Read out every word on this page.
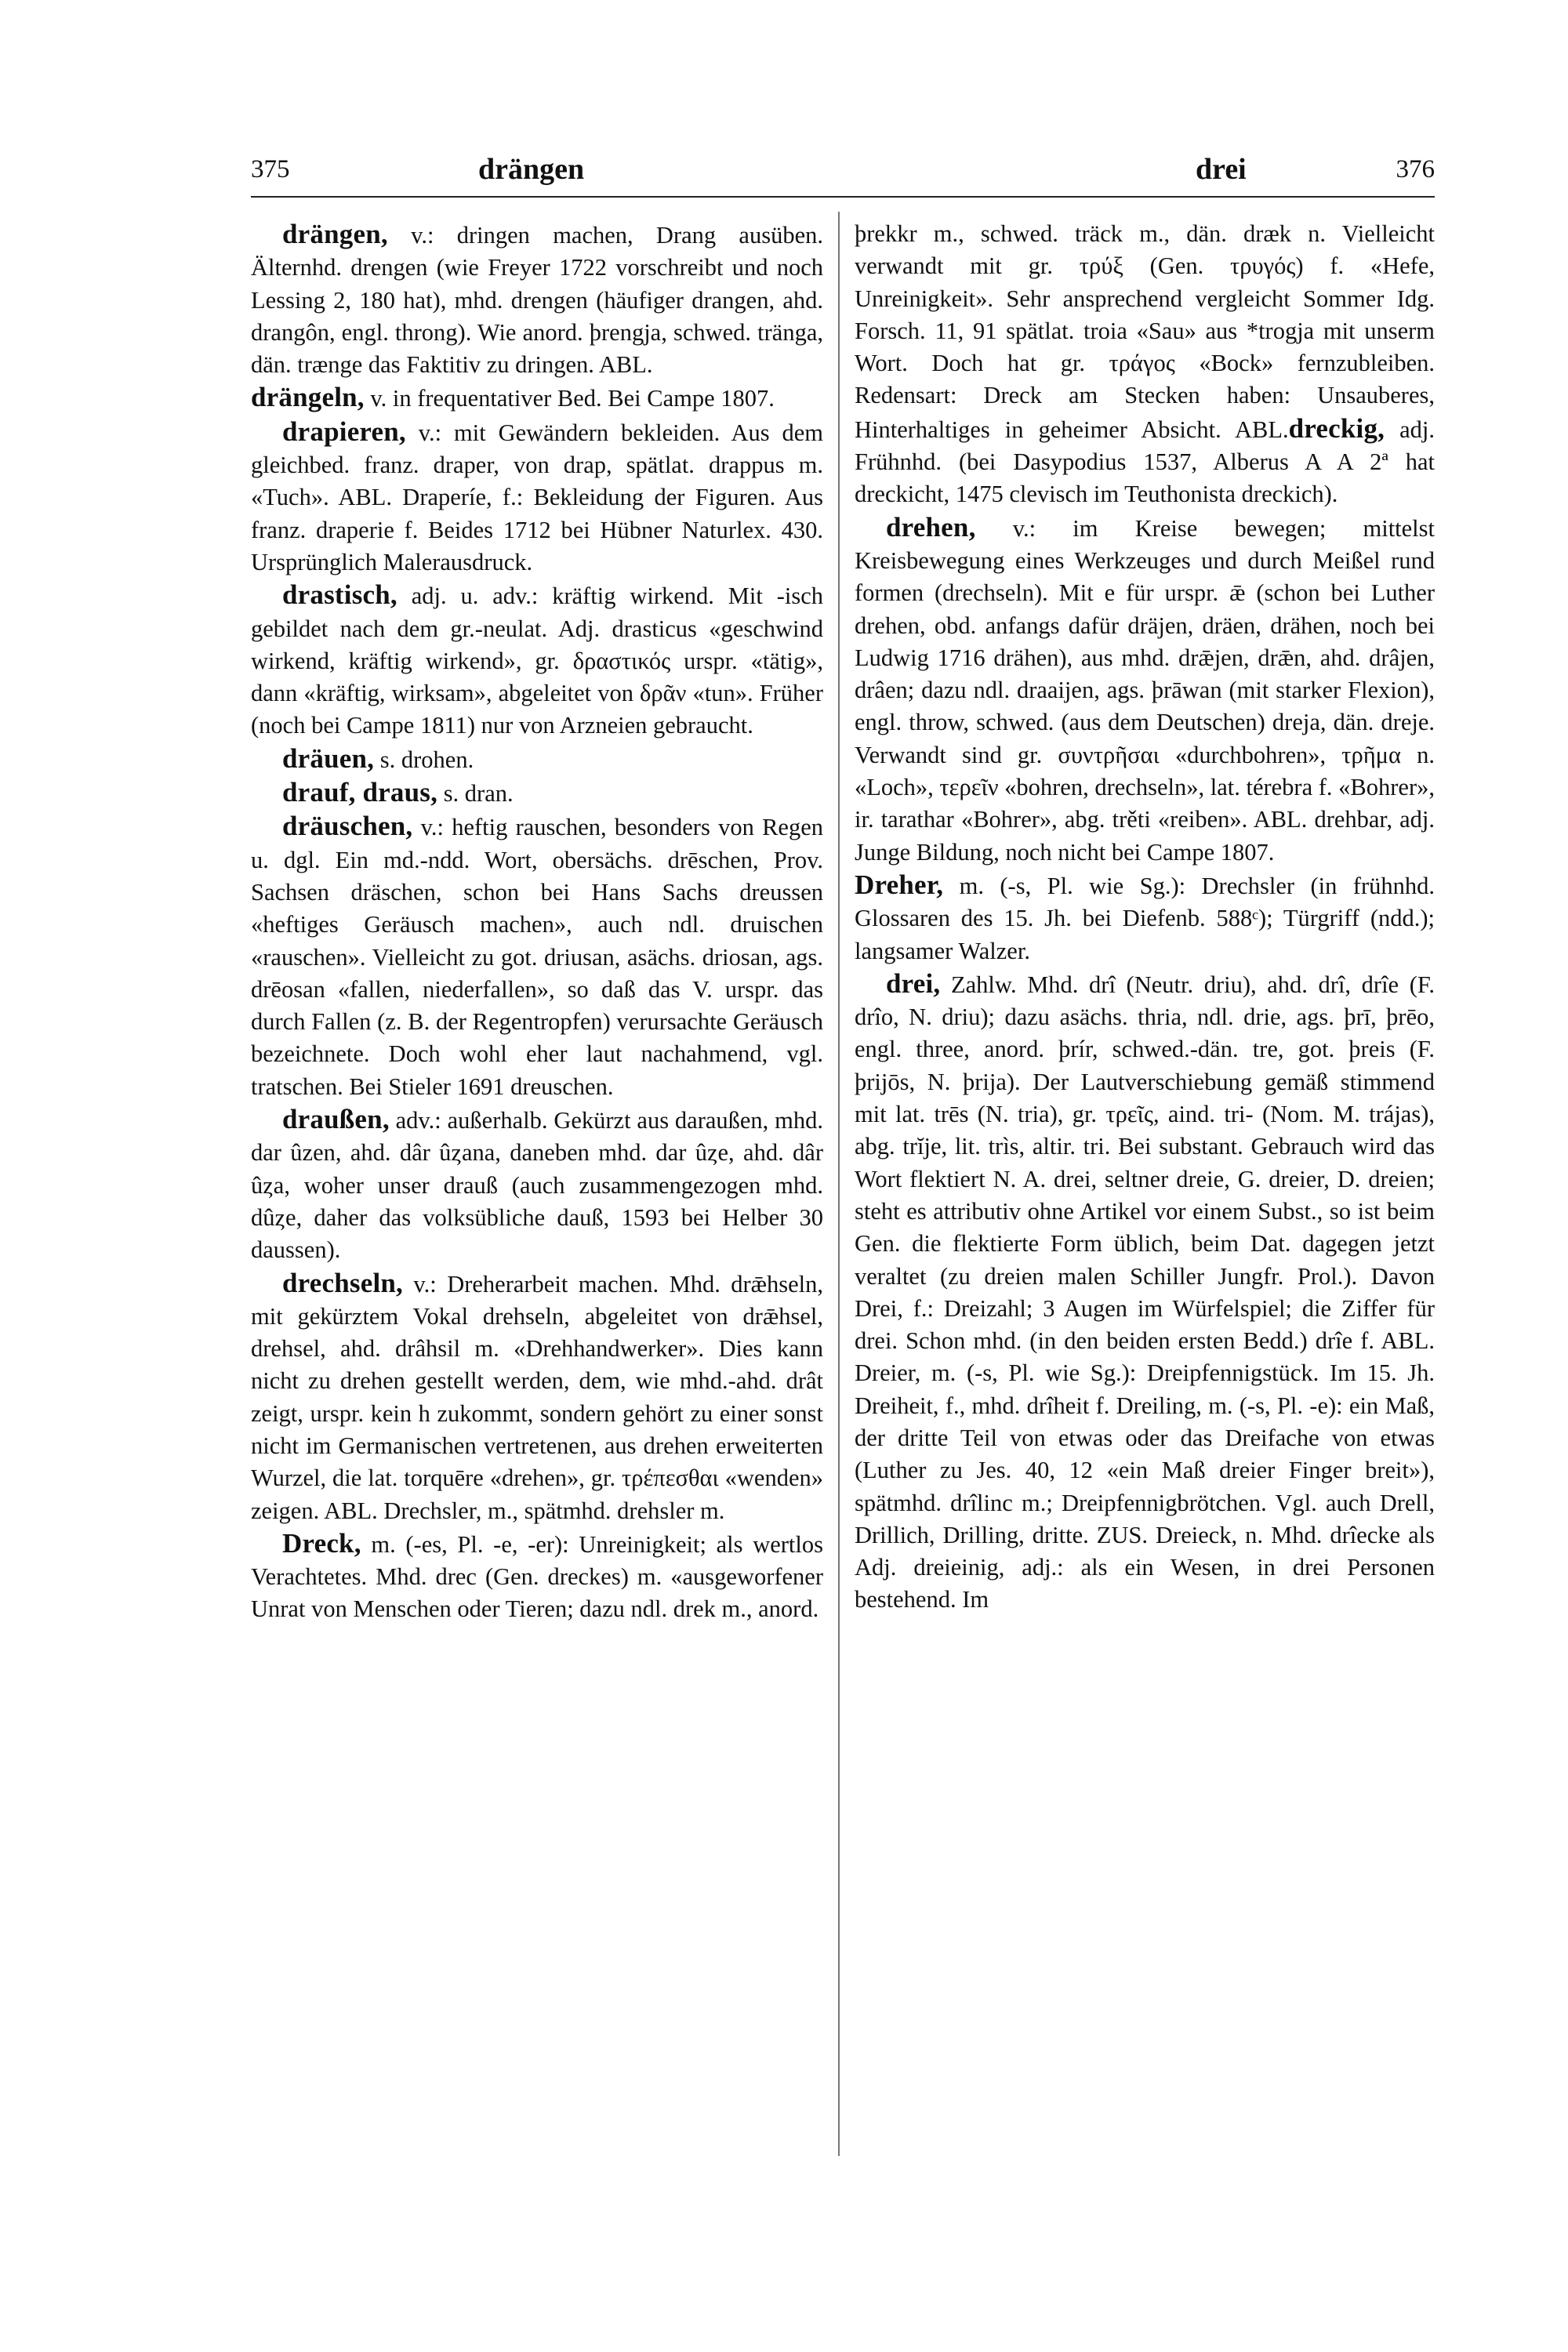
375	drängen	drei	376

drängen, v.: dringen machen, Drang ausüben. Älternhd. drengen (wie Freyer 1722 vorschreibt und noch Lessing 2, 180 hat), mhd. drengen (häufiger drangen, ahd. drangôn, engl. throng). Wie anord. þrengja, schwed. tränga, dän. trænge das Faktitiv zu dringen. ABL.

drängeln, v. in frequentativer Bed. Bei Campe 1807.

drapieren, v.: mit Gewändern bekleiden. Aus dem gleichbed. franz. draper, von drap, spätlat. drappus m. «Tuch». ABL. Draperíe, f.: Bekleidung der Figuren. Aus franz. draperie f. Beides 1712 bei Hübner Naturlex. 430. Ursprünglich Malerausdruck.

drastisch, adj. u. adv.: kräftig wirkend. Mit -isch gebildet nach dem gr.-neulat. Adj. drasticus «geschwind wirkend, kräftig wirkend», gr. δραστικός urspr. «tätig», dann «kräftig, wirksam», abgeleitet von δρᾶν «tun». Früher (noch bei Campe 1811) nur von Arzneien gebraucht.

dräuen, s. drohen.

drauf, draus, s. dran.

dräuschen, v.: heftig rauschen, besonders von Regen u. dgl. Ein md.-ndd. Wort, obersächs. drēschen, Prov. Sachsen dräschen, schon bei Hans Sachs dreussen «heftiges Geräusch machen», auch ndl. druischen «rauschen». Vielleicht zu got. driusan, asächs. driosan, ags. drēosan «fallen, niederfallen», so daß das V. urspr. das durch Fallen (z. B. der Regentropfen) verursachte Geräusch bezeichnete. Doch wohl eher laut nachahmend, vgl. tratschen. Bei Stieler 1691 dreuschen.

draußen, adv.: außerhalb. Gekürzt aus daraußen, mhd. dar ûzen, ahd. dâr ûȥana, daneben mhd. dar ûȥe, ahd. dâr ûȥa, woher unser drauß (auch zusammengezogen mhd. dûȥe, daher das volksübliche dauß, 1593 bei Helber 30 daussen).

drechseln, v.: Dreherarbeit machen. Mhd. drǣhseln, mit gekürztem Vokal drehseln, abgeleitet von drǣhsel, drehsel, ahd. drâhsil m. «Drehhandwerker». Dies kann nicht zu drehen gestellt werden, dem, wie mhd.-ahd. drât zeigt, urspr. kein h zukommt, sondern gehört zu einer sonst nicht im Germanischen vertretenen, aus drehen erweiterten Wurzel, die lat. torquēre «drehen», gr. τρέπεσθαι «wenden» zeigen. ABL. Drechsler, m., spätmhd. drehsler m.

Dreck, m. (-es, Pl. -e, -er): Unreinigkeit; als wertlos Verachtetes. Mhd. drec (Gen. dreckes) m. «ausgeworfener Unrat von Menschen oder Tieren; dazu ndl. drek m., anord.

þrekkr m., schwed. träck m., dän. dræk n. Vielleicht verwandt mit gr. τρύξ (Gen. τρυγός) f. «Hefe, Unreinigkeit». Sehr ansprechend vergleicht Sommer Idg. Forsch. 11, 91 spätlat. troia «Sau» aus *trogja mit unserm Wort. Doch hat gr. τράγος «Bock» fernzubleiben. Redensart: Dreck am Stecken haben: Unsauberes, Hinterhaltiges in geheimer Absicht. ABL.dreckig, adj. Frühnhd. (bei Dasypodius 1537, Alberus A A 2ª hat dreckicht, 1475 clevisch im Teuthonista dreckich).

drehen, v.: im Kreise bewegen; mittelst Kreisbewegung eines Werkzeuges und durch Meißel rund formen (drechseln). Mit e für urspr. ǣ (schon bei Luther drehen, obd. anfangs dafür dräjen, dräen, drähen, noch bei Ludwig 1716 drähen), aus mhd. drǣjen, drǣn, ahd. drâjen, drâen; dazu ndl. draaijen, ags. þrāwan (mit starker Flexion), engl. throw, schwed. (aus dem Deutschen) dreja, dän. dreje. Verwandt sind gr. συντρῆσαι «durchbohren», τρῆμα n. «Loch», τερεῖν «bohren, drechseln», lat. térebra f. «Bohrer», ir. tarathar «Bohrer», abg. trěti «reiben». ABL. drehbar, adj. Junge Bildung, noch nicht bei Campe 1807.

Dreher, m. (-s, Pl. wie Sg.): Drechsler (in frühnhd. Glossaren des 15. Jh. bei Diefenb. 588ᶜ); Türgriff (ndd.); langsamer Walzer.

drei, Zahlw. Mhd. drî (Neutr. driu), ahd. drî, drîe (F. drîo, N. driu); dazu asächs. thria, ndl. drie, ags. þrī, þrēo, engl. three, anord. þrír, schwed.-dän. tre, got. þreis (F. þrijōs, N. þrija). Der Lautverschiebung gemäß stimmend mit lat. trēs (N. tria), gr. τρεῖς, aind. tri- (Nom. M. trájas), abg. trĭje, lit. trìs, altir. tri. Bei substant. Gebrauch wird das Wort flektiert N. A. drei, seltner dreie, G. dreier, D. dreien; steht es attributiv ohne Artikel vor einem Subst., so ist beim Gen. die flektierte Form üblich, beim Dat. dagegen jetzt veraltet (zu dreien malen Schiller Jungfr. Prol.). Davon Drei, f.: Dreizahl; 3 Augen im Würfelspiel; die Ziffer für drei. Schon mhd. (in den beiden ersten Bedd.) drîe f. ABL. Dreier, m. (-s, Pl. wie Sg.): Dreipfennigstück. Im 15. Jh. Dreiheit, f., mhd. drîheit f. Dreiling, m. (-s, Pl. -e): ein Maß, der dritte Teil von etwas oder das Dreifache von etwas (Luther zu Jes. 40, 12 «ein Maß dreier Finger breit»), spätmhd. drîlinc m.; Dreipfennigbrötchen. Vgl. auch Drell, Drillich, Drilling, dritte. ZUS. Dreieck, n. Mhd. drîecke als Adj. dreieinig, adj.: als ein Wesen, in drei Personen bestehend. Im
